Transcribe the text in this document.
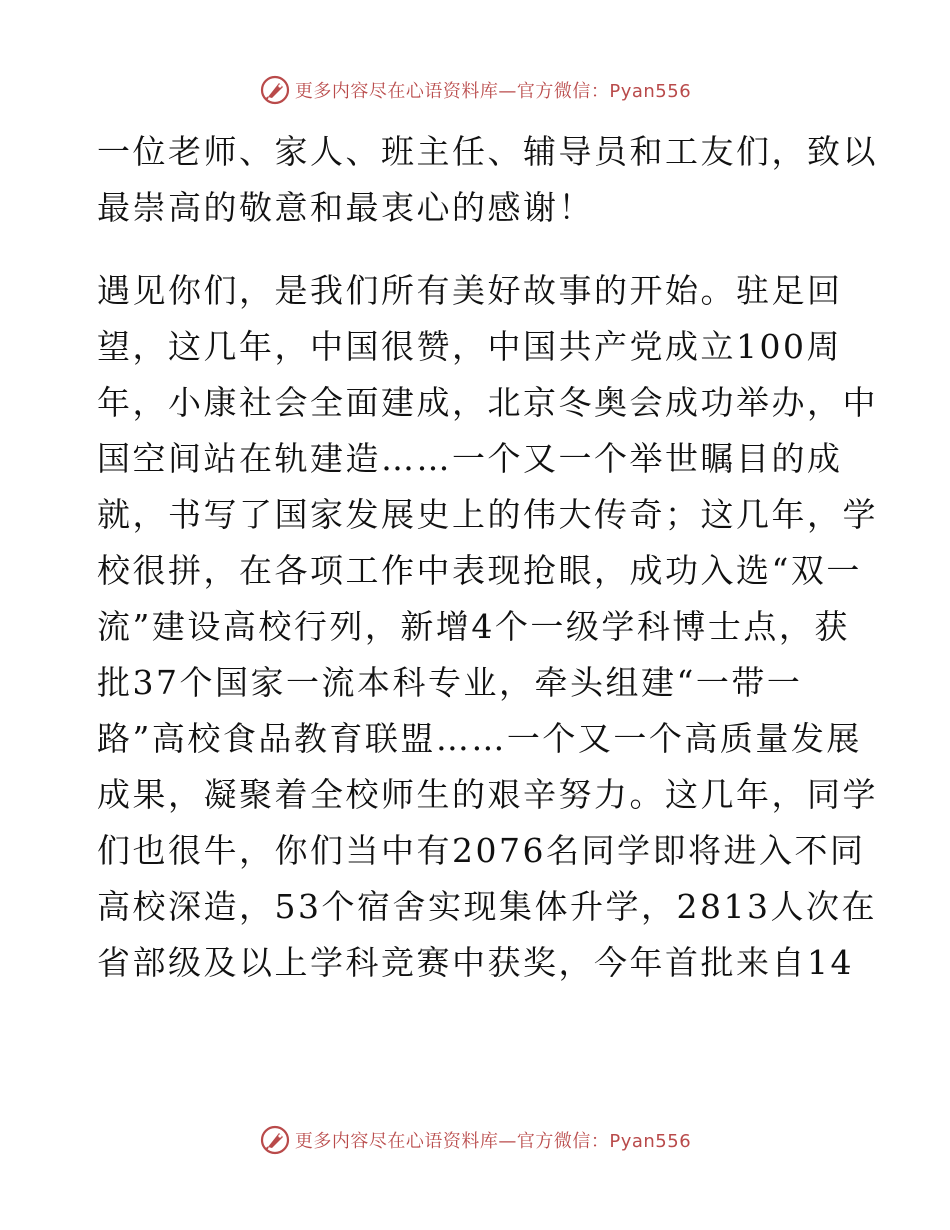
更多内容尽在心语资料库—官方微信：Pyan556
一位老师、家人、班主任、辅导员和工友们，致以
最崇高的敬意和最衷心的感谢！
遇见你们，是我们所有美好故事的开始。驻足回
望，这几年，中国很赞，中国共产党成立100周
年，小康社会全面建成，北京冬奥会成功举办，中
国空间站在轨建造……一个又一个举世瞩目的成
就，书写了国家发展史上的伟大传奇；这几年，学
校很拼，在各项工作中表现抢眼，成功入选“双一
流”建设高校行列，新增4个一级学科博士点，获
批37个国家一流本科专业，牵头组建“一带一
路”高校食品教育联盟……一个又一个高质量发展
成果，凝聚着全校师生的艰辛努力。这几年，同学
们也很牛，你们当中有2076名同学即将进入不同
高校深造，53个宿舍实现集体升学，2813人次在
省部级及以上学科竞赛中获奖，今年首批来自14
更多内容尽在心语资料库—官方微信：Pyan556
